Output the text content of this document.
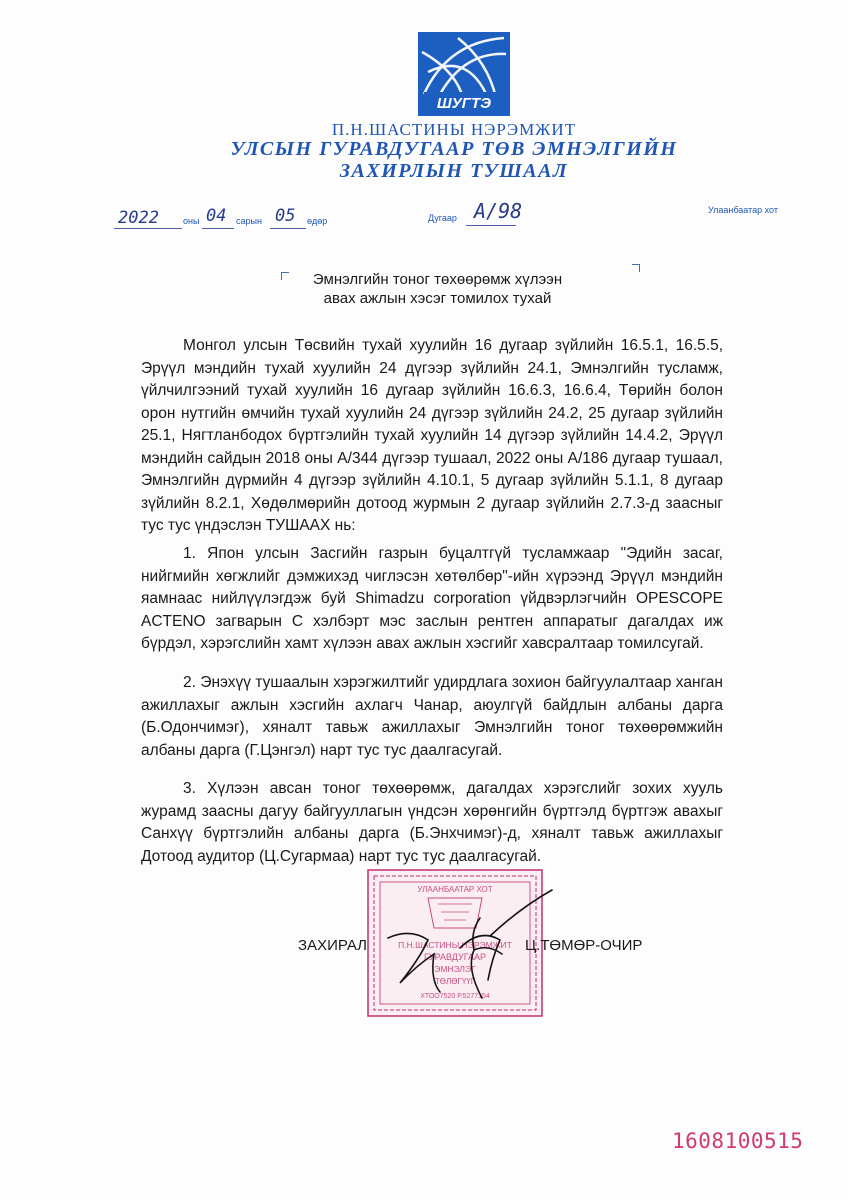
ШУГТЭ
П.Н.ШАСТИНЫ НЭРЭМЖИТ
УЛСЫН ГУРАВДУГААР ТӨВ ЭМНЭЛГИЙН
ЗАХИРЛЫН ТУШААЛ
2022	оны 04 сарын 05 өдөр	Дугаар A/98	Улаанбаатар хот
Эмнэлгийн тоног төхөөрөмж хүлээн
авах ажлын хэсэг томилох тухай

Монгол улсын Төсвийн тухай хуулийн 16 дугаар зүйлийн 16.5.1, 16.5.5, Эрүүл мэндийн тухай хуулийн 24 дүгээр зүйлийн 24.1, Эмнэлгийн тусламж, үйлчилгээний тухай хуулийн 16 дугаар зүйлийн 16.6.3, 16.6.4, Төрийн болон орон нутгийн өмчийн тухай хуулийн 24 дүгээр зүйлийн 24.2, 25 дугаар зүйлийн 25.1, Нягтланбодох бүртгэлийн тухай хуулийн 14 дүгээр зүйлийн 14.4.2, Эрүүл мэндийн сайдын 2018 оны А/344 дүгээр тушаал, 2022 оны А/186 дугаар тушаал, Эмнэлгийн дүрмийн 4 дүгээр зүйлийн 4.10.1, 5 дугаар зүйлийн 5.1.1, 8 дугаар зүйлийн 8.2.1, Хөдөлмөрийн дотоод журмын 2 дугаар зүйлийн 2.7.3-д заасныг тус тус үндэслэн ТУШААХ нь:

1. Япон улсын Засгийн газрын буцалтгүй тусламжаар "Эдийн засаг, нийгмийн хөгжлийг дэмжихэд чиглэсэн хөтөлбөр"-ийн хүрээнд Эрүүл мэндийн яамнаас нийлүүлэгдэж буй Shimadzu corporation үйдвэрлэгчийн OPESCOPE ACTENO загварын С хэлбэрт мэс заслын рентген аппаратыг дагалдах иж бүрдэл, хэрэгслийн хамт хүлээн авах ажлын хэсгийг хавсралтаар томилсугай.

2. Энэхүү тушаалын хэрэгжилтийг удирдлага зохион байгуулалтаар ханган ажиллахыг ажлын хэсгийн ахлагч Чанар, аюулгүй байдлын албаны дарга (Б.Одончимэг), хяналт тавьж ажиллахыг Эмнэлгийн тоног төхөөрөмжийн албаны дарга (Г.Цэнгэл) нарт тус тус даалгасугай.

3. Хүлээн авсан тоног төхөөрөмж, дагалдах хэрэгслийг зохих хууль журамд заасны дагуу байгууллагын үндсэн хөрөнгийн бүртгэлд бүртгэж авахыг Санхүү бүртгэлийн албаны дарга (Б.Энхчимэг)-д, хяналт тавьж ажиллахыг Дотоод аудитор (Ц.Сугармаа) нарт тус тус даалгасугай.

УЛААНБААТАР ХОТ
П.Н.ШАСТИНЫ НЭРЭМЖИТ
ГУРАВДУГААР
ЭМНЭЛЭГ
ТӨЛӨГҮҮГ
ХТОО7520 Р.5277154
ЗАХИРАЛ	Ц.ТӨМӨР-ОЧИР
1608100515
